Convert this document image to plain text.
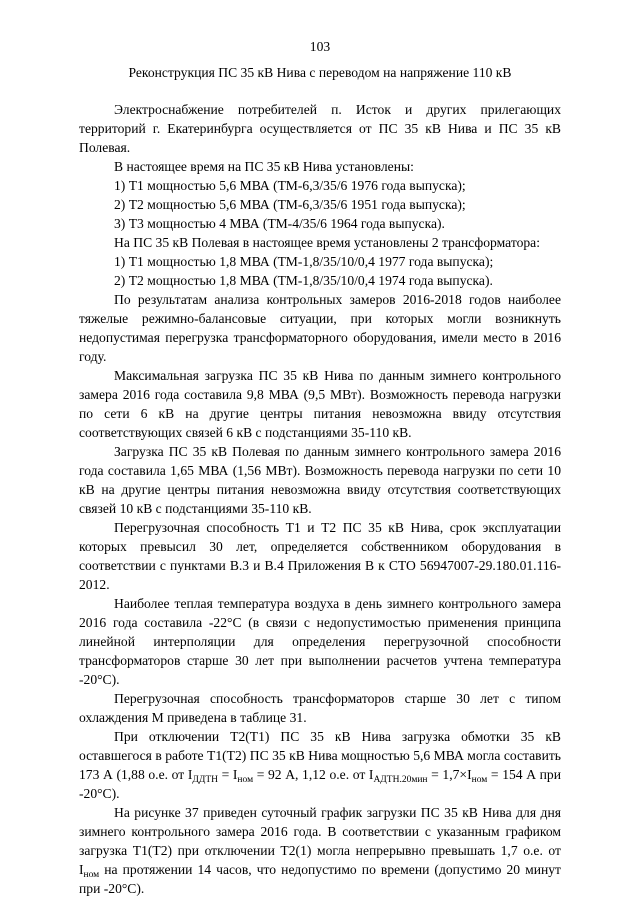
103
Реконструкция ПС 35 кВ Нива с переводом на напряжение 110 кВ

Электроснабжение потребителей п. Исток и других прилегающих территорий г. Екатеринбурга осуществляется от ПС 35 кВ Нива и ПС 35 кВ Полевая.

В настоящее время на ПС 35 кВ Нива установлены:

1) Т1 мощностью 5,6 МВА (ТМ-6,3/35/6 1976 года выпуска);

2) Т2 мощностью 5,6 МВА (ТМ-6,3/35/6 1951 года выпуска);

3) Т3 мощностью 4 МВА (ТМ-4/35/6 1964 года выпуска).

На ПС 35 кВ Полевая в настоящее время установлены 2 трансформатора:

1) Т1 мощностью 1,8 МВА (ТМ-1,8/35/10/0,4 1977 года выпуска);

2) Т2 мощностью 1,8 МВА (ТМ-1,8/35/10/0,4 1974 года выпуска).

По результатам анализа контрольных замеров 2016-2018 годов наиболее тяжелые режимно-балансовые ситуации, при которых могли возникнуть недопустимая перегрузка трансформаторного оборудования, имели место в 2016 году.

Максимальная загрузка ПС 35 кВ Нива по данным зимнего контрольного замера 2016 года составила 9,8 МВА (9,5 МВт). Возможность перевода нагрузки по сети 6 кВ на другие центры питания невозможна ввиду отсутствия соответствующих связей 6 кВ с подстанциями 35-110 кВ.

Загрузка ПС 35 кВ Полевая по данным зимнего контрольного замера 2016 года составила 1,65 МВА (1,56 МВт). Возможность перевода нагрузки по сети 10 кВ на другие центры питания невозможна ввиду отсутствия соответствующих связей 10 кВ с подстанциями 35-110 кВ.

Перегрузочная способность Т1 и Т2 ПС 35 кВ Нива, срок эксплуатации которых превысил 30 лет, определяется собственником оборудования в соответствии с пунктами В.3 и В.4 Приложения В к СТО 56947007-29.180.01.116-2012.

Наиболее теплая температура воздуха в день зимнего контрольного замера 2016 года составила -22°С (в связи с недопустимостью применения принципа линейной интерполяции для определения перегрузочной способности трансформаторов старше 30 лет при выполнении расчетов учтена температура -20°С).

Перегрузочная способность трансформаторов старше 30 лет с типом охлаждения М приведена в таблице 31.

При отключении Т2(Т1) ПС 35 кВ Нива загрузка обмотки 35 кВ оставшегося в работе Т1(Т2) ПС 35 кВ Нива мощностью 5,6 МВА могла составить 173 А (1,88 о.е. от $I_{ДДТН} = I_{ном} = 92$ А, 1,12 о.е. от $I_{АДТН.20мин} = 1,7\times I_{ном} = 154$ А при -20°С).

На рисунке 37 приведен суточный график загрузки ПС 35 кВ Нива для дня зимнего контрольного замера 2016 года. В соответствии с указанным графиком загрузка Т1(Т2) при отключении Т2(1) могла непрерывно превышать 1,7 о.е. от $I_{ном}$ на протяжении 14 часов, что недопустимо по времени (допустимо 20 минут при -20°С).
